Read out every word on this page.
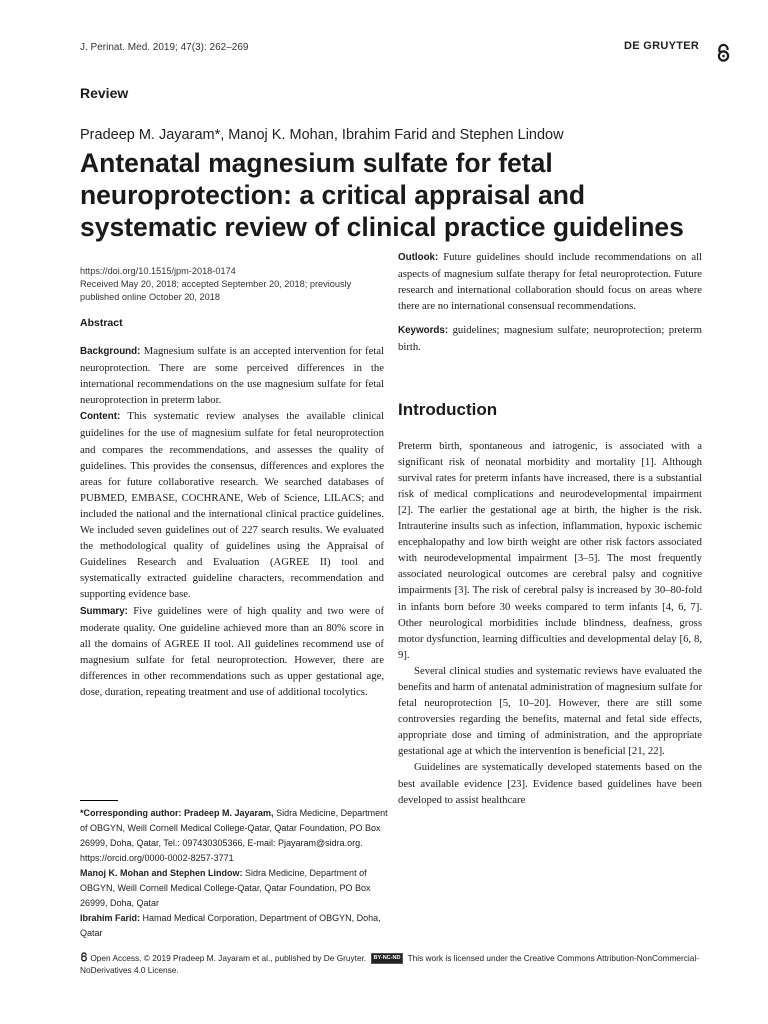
J. Perinat. Med. 2019; 47(3): 262–269	DE GRUYTER
Review
Pradeep M. Jayaram*, Manoj K. Mohan, Ibrahim Farid and Stephen Lindow
Antenatal magnesium sulfate for fetal neuroprotection: a critical appraisal and systematic review of clinical practice guidelines
https://doi.org/10.1515/jpm-2018-0174
Received May 20, 2018; accepted September 20, 2018; previously published online October 20, 2018
Abstract

Background: Magnesium sulfate is an accepted intervention for fetal neuroprotection. There are some perceived differences in the international recommendations on the use magnesium sulfate for fetal neuroprotection in preterm labor.

Content: This systematic review analyses the available clinical guidelines for the use of magnesium sulfate for fetal neuroprotection and compares the recommendations, and assesses the quality of guidelines. This provides the consensus, differences and explores the areas for future collaborative research. We searched databases of PUBMED, EMBASE, COCHRANE, Web of Science, LILACS; and included the national and the international clinical practice guidelines. We included seven guidelines out of 227 search results. We evaluated the methodological quality of guidelines using the Appraisal of Guidelines Research and Evaluation (AGREE II) tool and systematically extracted guideline characters, recommendation and supporting evidence base.

Summary: Five guidelines were of high quality and two were of moderate quality. One guideline achieved more than an 80% score in all the domains of AGREE II tool. All guidelines recommend use of magnesium sulfate for fetal neuroprotection. However, there are differences in other recommendations such as upper gestational age, dose, duration, repeating treatment and use of additional tocolytics.

Outlook: Future guidelines should include recommendations on all aspects of magnesium sulfate therapy for fetal neuroprotection. Future research and international collaboration should focus on areas where there are no international consensual recommendations.

Keywords: guidelines; magnesium sulfate; neuroprotection; preterm birth.

Introduction

Preterm birth, spontaneous and iatrogenic, is associated with a significant risk of neonatal morbidity and mortality [1]. Although survival rates for preterm infants have increased, there is a substantial risk of medical complications and neurodevelopmental impairment [2]. The earlier the gestational age at birth, the higher is the risk. Intrauterine insults such as infection, inflammation, hypoxic ischemic encephalopathy and low birth weight are other risk factors associated with neurodevelopmental impairment [3–5]. The most frequently associated neurological outcomes are cerebral palsy and cognitive impairments [3]. The risk of cerebral palsy is increased by 30–80-fold in infants born before 30 weeks compared to term infants [4, 6, 7]. Other neurological morbidities include blindness, deafness, gross motor dysfunction, learning difficulties and developmental delay [6, 8, 9].

Several clinical studies and systematic reviews have evaluated the benefits and harm of antenatal administration of magnesium sulfate for fetal neuroprotection [5, 10–20]. However, there are still some controversies regarding the benefits, maternal and fetal side effects, appropriate dose and timing of administration, and the appropriate gestational age at which the intervention is beneficial [21, 22].

Guidelines are systematically developed statements based on the best available evidence [23]. Evidence based guidelines have been developed to assist healthcare

*Corresponding author: Pradeep M. Jayaram, Sidra Medicine, Department of OBGYN, Weill Cornell Medical College-Qatar, Qatar Foundation, PO Box 26999, Doha, Qatar, Tel.: 097430305366, E-mail: Pjayaram@sidra.org. https://orcid.org/0000-0002-8257-3771
Manoj K. Mohan and Stephen Lindow: Sidra Medicine, Department of OBGYN, Weill Cornell Medical College-Qatar, Qatar Foundation, PO Box 26999, Doha, Qatar
Ibrahim Farid: Hamad Medical Corporation, Department of OBGYN, Doha, Qatar
Open Access. © 2019 Pradeep M. Jayaram et al., published by De Gruyter. BY-NC-ND This work is licensed under the Creative Commons Attribution-NonCommercial-NoDerivatives 4.0 License.
